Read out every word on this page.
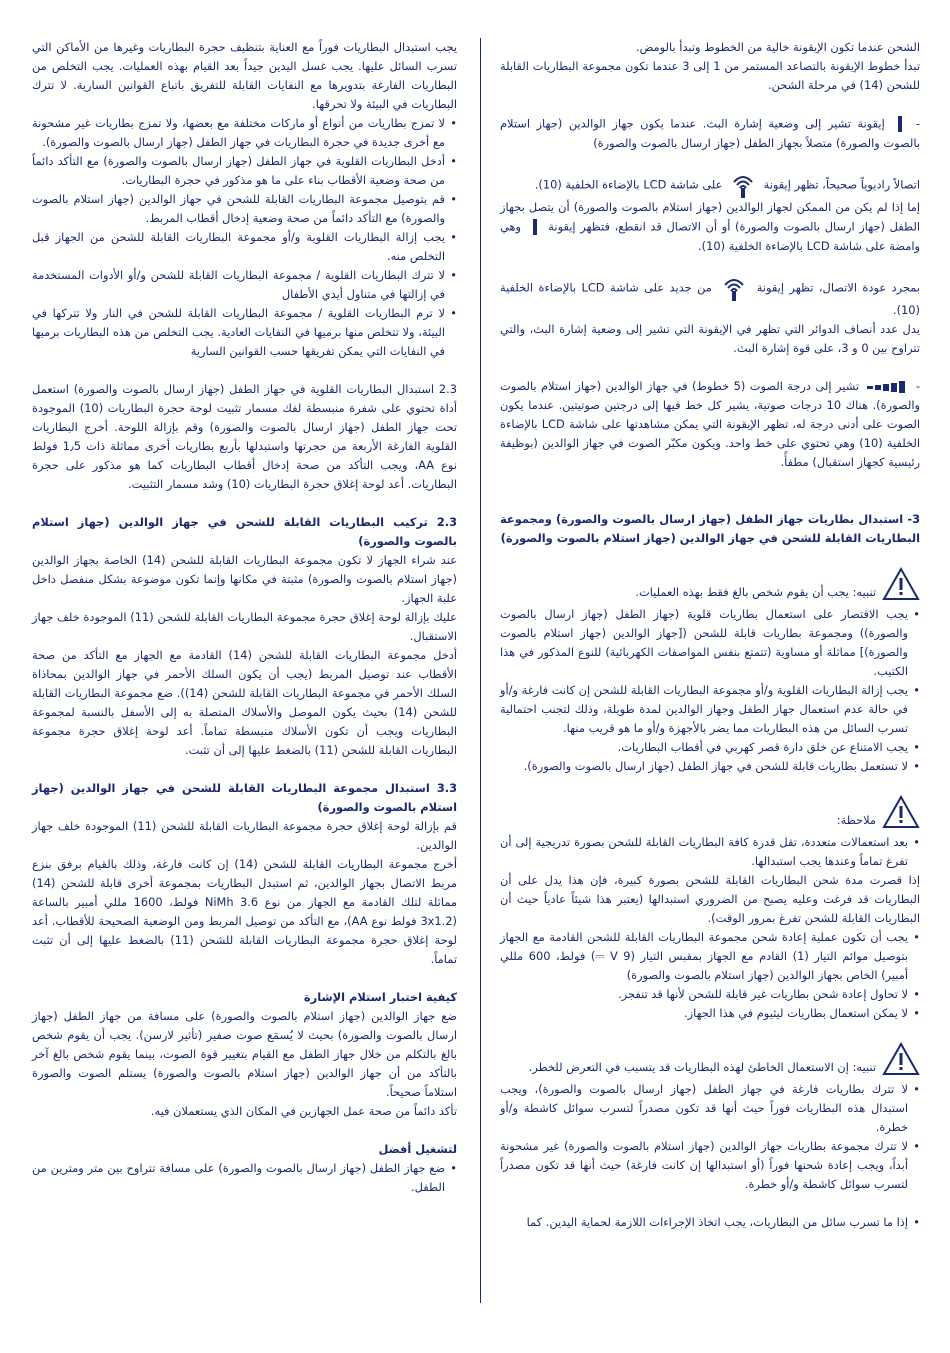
الشحن عندما تكون الإيقونة خالية من الخطوط وتبدأ بالومض.

تبدأ خطوط الإيقونة بالتصاعد المستمر من 1 إلى 3 عندما تكون مجموعة البطاريات القابلة للشحن (14) في مرحلة الشحن.

-  إيقونة تشير إلى وضعية إشارة البث. عندما يكون جهاز الوالدين (جهاز استلام بالصوت والصورة) متصلاً بجهاز الطفل (جهاز ارسال بالصوت والصورة)

اتصالاً راديوياً صحيحاً، تظهر إيقونة  على شاشة LCD بالإضاءة الخلفية (10).

إما إذا لم يكن من الممكن لجهاز الوالدين (جهاز استلام بالصوت والصورة) أن يتصل بجهاز الطفل (جهاز ارسال بالصوت والصورة) أو أن الاتصال قد انقطع، فتظهر إيقونة  وهي وامضة على شاشة LCD بالإضاءة الخلفية (10).

بمجرد عودة الاتصال، تظهر إيقونة  من جديد على شاشة LCD بالإضاءة الخلفية (10).

يدل عدد أنصاف الدوائر التي تظهر في الإيقونة التي تشير إلى وضعية إشارة البث، والتي تتراوح بين 0 و 3، على قوة إشارة البث.

-  تشير إلى درجة الصوت (5 خطوط) في جهاز الوالدين (جهاز استلام بالصوت والصورة). هناك 10 درجات صوتية، يشير كل خط فيها إلى درجتين صوتيتين. عندما يكون الصوت على أدنى درجة له، تظهر الإيقونة التي يمكن مشاهدتها على شاشة LCD بالإضاءة الخلفية (10) وهي تحتوي على خط واحد. ويكون مكبّر الصوت في جهاز الوالدين (بوظيفة رئيسية كجهاز استقبال) مطفأً.

3- استبدال بطاريات جهاز الطفل (جهاز ارسال بالصوت والصورة) ومجموعة البطاريات القابلة للشحن في جهاز الوالدين (جهاز استلام بالصوت والصورة)

تنبيه: يجب أن يقوم شخص بالغ فقط بهذه العمليات.

• يجب الاقتصار على استعمال بطاريات قلوية (جهاز الطفل (جهاز ارسال بالصوت والصورة)) ومجموعة بطاريات قابلة للشحن ([جهاز الوالدين (جهاز استلام بالصوت والصورة)] مماثلة أو مساوية (تتمتع بنفس المواصفات الكهربائية) للنوع المذكور في هذا الكتيب.

• يجب إزالة البطاريات القلوية و/أو مجموعة البطاريات القابلة للشحن إن كانت فارغة و/أو في حالة عدم استعمال جهاز الطفل وجهاز الوالدين لمدة طويلة، وذلك لتجنب احتمالية تسرب السائل من هذه البطاريات مما يضر بالأجهزة و/أو ما هو قريب منها.

• يجب الامتناع عن خلق دارة قصر كهربي في أقطاب البطاريات.

• لا تستعمل بطاريات قابلة للشحن في جهاز الطفل (جهاز ارسال بالصوت والصورة).

ملاحظة:

• بعد استعمالات متعددة، تقل قدرة كافة البطاريات القابلة للشحن بصورة تدريجية إلى أن تفرغ تماماً وعندها يجب استبدالها.

إذا قصرت مدة شحن البطاريات القابلة للشحن بصورة كبيرة، فإن هذا يدل على أن البطاريات قد فرغت وعليه يصبح من الضروري استبدالها (يعتبر هذا شيئاً عادياً حيث أن البطاريات القابلة للشحن تفرغ بمرور الوقت).

• يجب أن تكون عملية إعادة شحن مجموعة البطاريات القابلة للشحن القادمة مع الجهاز بتوصيل موائم التيار (1) القادم مع الجهاز بمقبس التيار (9 V ⎓) فولط، 600 مللي أمبير) الخاص بجهاز الوالدين (جهاز استلام بالصوت والصورة)

• لا تحاول إعادة شحن بطاريات غير قابلة للشحن لأنها قد تنفجر.

• لا يمكن استعمال بطاريات ليثيوم في هذا الجهاز.

تنبيه: إن الاستعمال الخاطئ لهذه البطاريات قد يتسبب في التعرض للخطر.

• لا تترك بطاريات فارغة في جهاز الطفل (جهاز ارسال بالصوت والصورة)، ويجب استبدال هذه البطاريات فوراً حيث أنها قد تكون مصدراً لتسرب سوائل كاشطة و/أو خطرة.

• لا تترك مجموعة بطاريات جهاز الوالدين (جهاز استلام بالصوت والصورة) غير مشحونة أبداً، ويجب إعادة شحنها فوراً (أو استبدالها إن كانت فارغة) حيث أنها قد تكون مصدراً لتسرب سوائل كاشطة و/أو خطرة.

• إذا ما تسرب سائل من البطاريات، يجب اتخاذ الإجراءات اللازمة لحماية اليدين. كما

يجب استبدال البطاريات فوراً مع العناية بتنظيف حجرة البطاريات وغيرها من الأماكن التي تسرب السائل عليها. يجب غسل اليدين جيداً بعد القيام بهذه العمليات. يجب التخلص من البطاريات الفارغة بتدويرها مع النفايات القابلة للتفريق باتباع القوانين السارية. لا تترك البطاريات في البيئة ولا تحرقها.

• لا تمزج بطاريات من أنواع أو ماركات مختلفة مع بعضها، ولا تمزج بطاريات غير مشحونة مع أخرى جديدة في حجرة البطاريات في جهاز الطفل (جهاز ارسال بالصوت والصورة).

• أدخل البطاريات القلوية في جهاز الطفل (جهاز ارسال بالصوت والصورة) مع التأكد دائماً من صحة وضعية الأقطاب بناء على ما هو مذكور في حجرة البطاريات.

• قم بتوصيل مجموعة البطاريات القابلة للشحن في جهاز الوالدين (جهاز استلام بالصوت والصورة) مع التأكد دائماً من صحة وضعية إدخال أقطاب المربط.

• يجب إزالة البطاريات القلوية و/أو مجموعة البطاريات القابلة للشحن من الجهاز قبل التخلص منه.

• لا تترك البطاريات القلوية / مجموعة البطاريات القابلة للشحن و/أو الأدوات المستخدمة في إزالتها في متناول أيدي الأطفال

• لا ترم البطاريات القلوية / مجموعة البطاريات القابلة للشحن في النار ولا تتركها في البيئة، ولا تتخلص منها برميها في النفايات العادية. يجب التخلص من هذه البطاريات برميها في النفايات التي يمكن تفريقها حسب القوانين السارية

2.3 استبدال البطاريات القلوية في جهاز الطفل (جهاز ارسال بالصوت والصورة) استعمل أداة تحتوي على شفرة منبسطة لفك مسمار تثبيت لوحة حجرة البطاريات (10) الموجودة تحت جهاز الطفل (جهاز ارسال بالصوت والصورة) وقم بإزالة اللوحة. أخرج البطاريات القلوية الفارغة الأربعة من حجرتها واستبدلها بأربع بطاريات أخرى مماثلة ذات 1٫5 فولط نوع AA، ويجب التأكد من صحة إدخال أقطاب البطاريات كما هو مذكور على حجرة البطاريات. أعد لوحة إغلاق حجرة البطاريات (10) وشد مسمار التثبيت.

2.3 تركيب البطاريات القابلة للشحن في جهاز الوالدين (جهاز استلام بالصوت والصورة)

عند شراء الجهاز لا تكون مجموعة البطاريات القابلة للشحن (14) الخاصة بجهاز الوالدين (جهاز استلام بالصوت والصورة) مثبتة في مكانها وإنما تكون موضوعة بشكل منفصل داخل علبة الجهاز.

عليك بإزالة لوحة إغلاق حجرة مجموعة البطاريات القابلة للشحن (11) الموجودة خلف جهاز الاستقبال.

أدخل مجموعة البطاريات القابلة للشحن (14) القادمة مع الجهاز مع التأكد من صحة الأقطاب عند توصيل المربط (يجب أن يكون السلك الأحمر في جهاز الوالدين بمحاذاة السلك الأحمر في مجموعة البطاريات القابلة للشحن (14)). ضع مجموعة البطاريات القابلة للشحن (14) بحيث يكون الموصل والأسلاك المتصلة به إلى الأسفل بالنسبة لمجموعة البطاريات ويجب أن تكون الأسلاك منبسطة تماماً. أعد لوحة إغلاق حجرة مجموعة البطاريات القابلة للشحن (11) بالضغط عليها إلى أن تثبت.

3.3 استبدال مجموعة البطاريات القابلة للشحن في جهاز الوالدين (جهاز استلام بالصوت والصورة)

قم بإزالة لوحة إغلاق حجرة مجموعة البطاريات القابلة للشحن (11) الموجودة خلف جهاز الوالدين.

أخرج مجموعة البطاريات القابلة للشحن (14) إن كانت فارغة، وذلك بالقيام برفق بنزع مربط الاتصال بجهاز الوالدين، ثم استبدل البطاريات بمجموعة أخرى قابلة للشحن (14) مماثلة لتلك القادمة مع الجهاز من نوع NiMh 3.6 فولط، 1600 مللي أمبير بالساعة (3x1.2 فولط نوع AA)، مع التأكد من توصيل المربط ومن الوضعية الصحيحة للأقطاب. أعد لوحة إغلاق حجرة مجموعة البطاريات القابلة للشحن (11) بالضغط عليها إلى أن تثبت تماماً.

كيفية اختبار استلام الإشارة

ضع جهاز الوالدين (جهاز استلام بالصوت والصورة) على مسافة من جهاز الطفل (جهاز ارسال بالصوت والصورة) بحيث لا يُسمَع صوت صفير (تأثير لارسن). يجب أن يقوم شخص بالغ بالتكلم من خلال جهاز الطفل مع القيام بتغيير قوة الصوت، بينما يقوم شخص بالغ آخر بالتأكد من أن جهاز الوالدين (جهاز استلام بالصوت والصورة) يستلم الصوت والصورة استلاماً صحيحاً.

تأكد دائماً من صحة عمل الجهازين في المكان الذي يستعملان فيه.

لتشغيل أفضل

• ضع جهاز الطفل (جهاز ارسال بالصوت والصورة) على مسافة تتراوح بين متر ومترين من الطفل.
